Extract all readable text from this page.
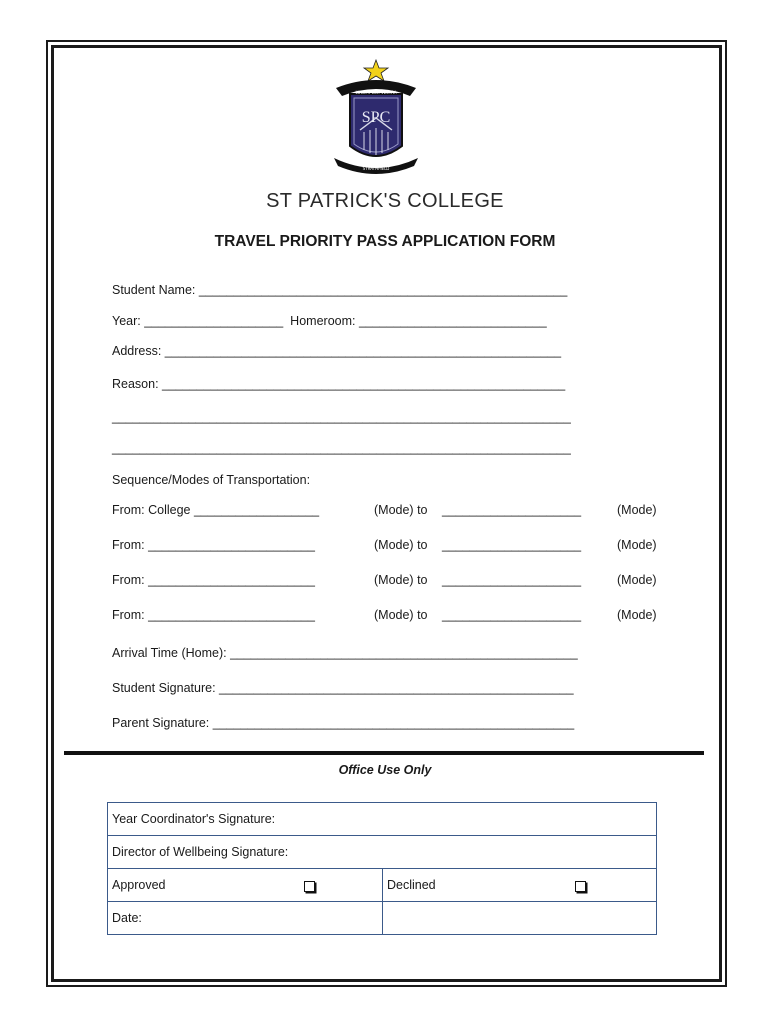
SPC
LUCEAT LUX VESTRA
STRATHFIELD
ST PATRICK'S COLLEGE
TRAVEL PRIORITY PASS APPLICATION FORM
Student Name: _____________________________________________________
Year: ____________________  Homeroom: ___________________________
Address: _________________________________________________________
Reason: __________________________________________________________
__________________________________________________________________
__________________________________________________________________
Sequence/Modes of Transportation:
From: College __________________	(Mode) to ____________________	(Mode)
From: ________________________	(Mode) to ____________________	(Mode)
From: ________________________	(Mode) to ____________________	(Mode)
From: ________________________	(Mode) to ____________________	(Mode)
Arrival Time (Home): __________________________________________________
Student Signature: ___________________________________________________
Parent Signature: ____________________________________________________
Office Use Only
Year Coordinator's Signature:	
Director of Wellbeing Signature:	
Approved	Declined

Date:	
